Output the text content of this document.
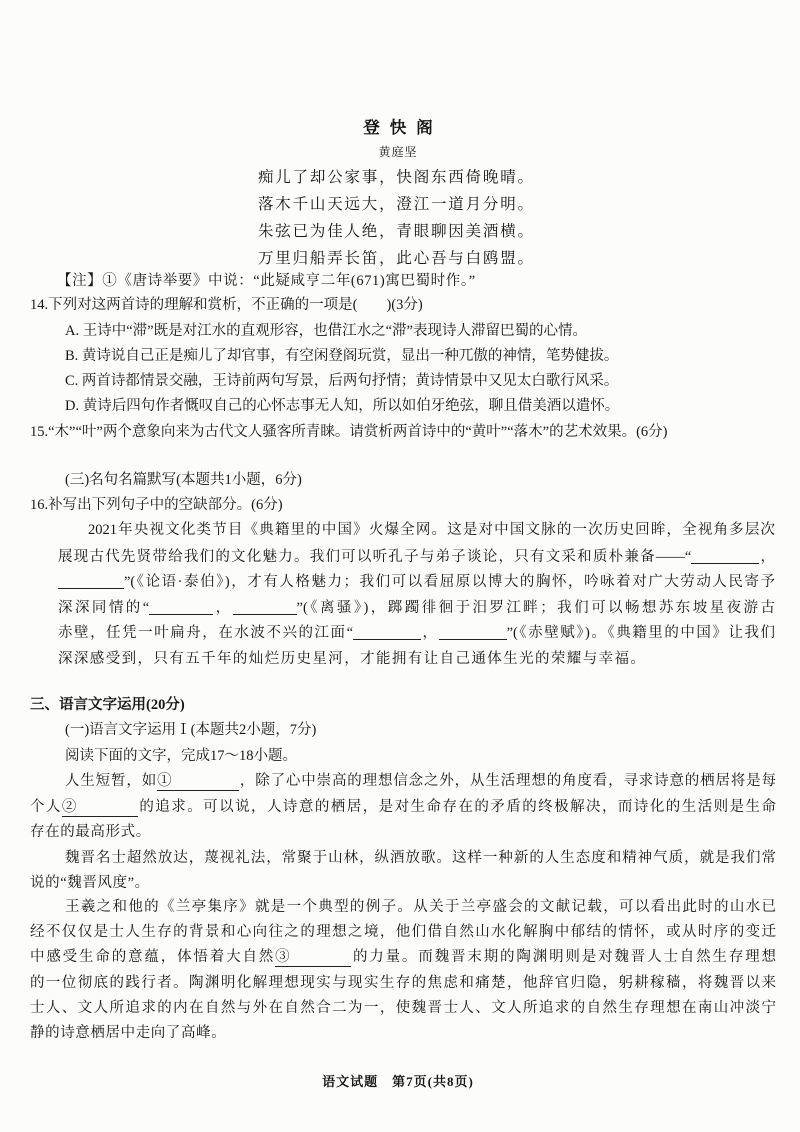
登快阁
黄庭坚
痴儿了却公家事，快阁东西倚晚晴。
落木千山天远大，澄江一道月分明。
朱弦已为佳人绝，青眼聊因美酒横。
万里归船弄长笛，此心吾与白鸥盟。
【注】①《唐诗举要》中说：“此疑咸亨二年(671)寓巴蜀时作。”
14.下列对这两首诗的理解和赏析，不正确的一项是(　　)(3分)
A. 王诗中“滞”既是对江水的直观形容，也借江水之“滞”表现诗人滞留巴蜀的心情。
B. 黄诗说自己正是痴儿了却官事，有空闲登阁玩赏，显出一种兀傲的神情，笔势健拔。
C. 两首诗都情景交融，王诗前两句写景，后两句抒情；黄诗情景中又见太白歌行风采。
D. 黄诗后四句作者慨叹自己的心怀志事无人知，所以如伯牙绝弦，聊且借美酒以遣怀。
15.“木”“叶”两个意象向来为古代文人骚客所青睐。请赏析两首诗中的“黄叶”“落木”的艺术效果。(6分)
(三)名句名篇默写(本题共1小题，6分)
16.补写出下列句子中的空缺部分。(6分)
2021年央视文化类节目《典籍里的中国》火爆全网。这是对中国文脉的一次历史回眸，全视角多层次
展现古代先贤带给我们的文化魅力。我们可以听孔子与弟子谈论，只有文采和质朴兼备——“	，
”(《论语·泰伯》)，才有人格魅力；我们可以看屈原以博大的胸怀，吟咏着对广大劳动人民寄予
深深同情的“	，	”(《离骚》)，踯躅徘徊于汨罗江畔；我们可以畅想苏东坡星夜游古
赤壁，任凭一叶扁舟，在水波不兴的江面“	，	”(《赤壁赋》)。《典籍里的中国》让我们
深深感受到，只有五千年的灿烂历史星河，才能拥有让自己通体生光的荣耀与幸福。
三、语言文字运用(20分)
(一)语言文字运用Ⅰ(本题共2小题，7分)
阅读下面的文字，完成17～18小题。
人生短暂，如①	，除了心中崇高的理想信念之外，从生活理想的角度看，寻求诗意的栖居将是每
个人②	的追求。可以说，人诗意的栖居，是对生命存在的矛盾的终极解决，而诗化的生活则是生命
存在的最高形式。
魏晋名士超然放达，蔑视礼法，常聚于山林，纵酒放歌。这样一种新的人生态度和精神气质，就是我们常
说的“魏晋风度”。
王羲之和他的《兰亭集序》就是一个典型的例子。从关于兰亭盛会的文献记载，可以看出此时的山水已
经不仅仅是士人生存的背景和心向往之的理想之境，他们借自然山水化解胸中郁结的情怀，或从时序的变迁
中感受生命的意蕴，体悟着大自然③	的力量。而魏晋末期的陶渊明则是对魏晋人士自然生存理想
的一位彻底的践行者。陶渊明化解理想现实与现实生存的焦虑和痛楚，他辞官归隐，躬耕稼穑，将魏晋以来
士人、文人所追求的内在自然与外在自然合二为一，使魏晋士人、文人所追求的自然生存理想在南山冲淡宁
静的诗意栖居中走向了高峰。
语文试题　第7页(共8页)
